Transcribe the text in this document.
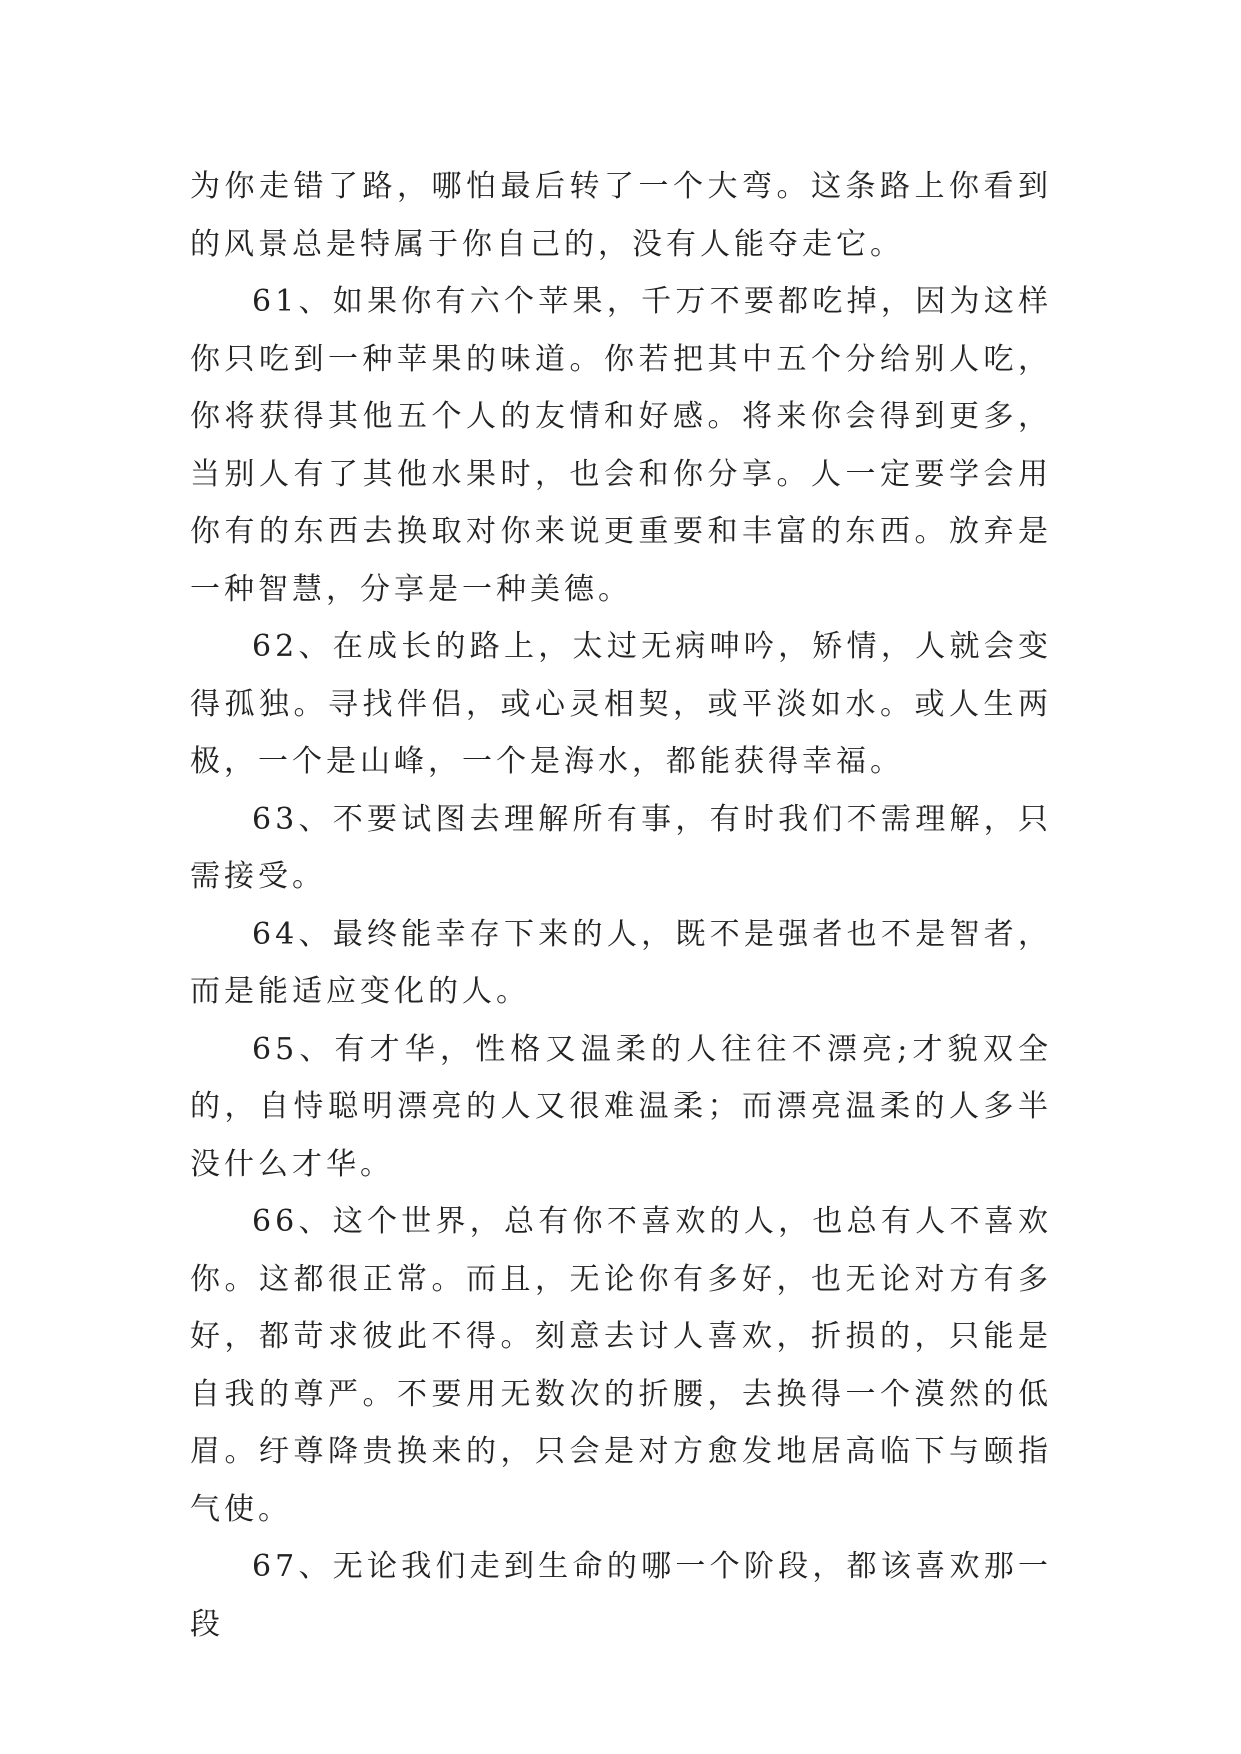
为你走错了路，哪怕最后转了一个大弯。这条路上你看到的风景总是特属于你自己的，没有人能夺走它。

61、如果你有六个苹果，千万不要都吃掉，因为这样你只吃到一种苹果的味道。你若把其中五个分给别人吃，你将获得其他五个人的友情和好感。将来你会得到更多，当别人有了其他水果时，也会和你分享。人一定要学会用你有的东西去换取对你来说更重要和丰富的东西。放弃是一种智慧，分享是一种美德。

62、在成长的路上，太过无病呻吟，矫情，人就会变得孤独。寻找伴侣，或心灵相契，或平淡如水。或人生两极，一个是山峰，一个是海水，都能获得幸福。

63、不要试图去理解所有事，有时我们不需理解，只需接受。

64、最终能幸存下来的人，既不是强者也不是智者，而是能适应变化的人。

65、有才华，性格又温柔的人往往不漂亮;才貌双全的，自恃聪明漂亮的人又很难温柔；而漂亮温柔的人多半没什么才华。

66、这个世界，总有你不喜欢的人，也总有人不喜欢你。这都很正常。而且，无论你有多好，也无论对方有多好，都苛求彼此不得。刻意去讨人喜欢，折损的，只能是自我的尊严。不要用无数次的折腰，去换得一个漠然的低眉。纡尊降贵换来的，只会是对方愈发地居高临下与颐指气使。

67、无论我们走到生命的哪一个阶段，都该喜欢那一段
